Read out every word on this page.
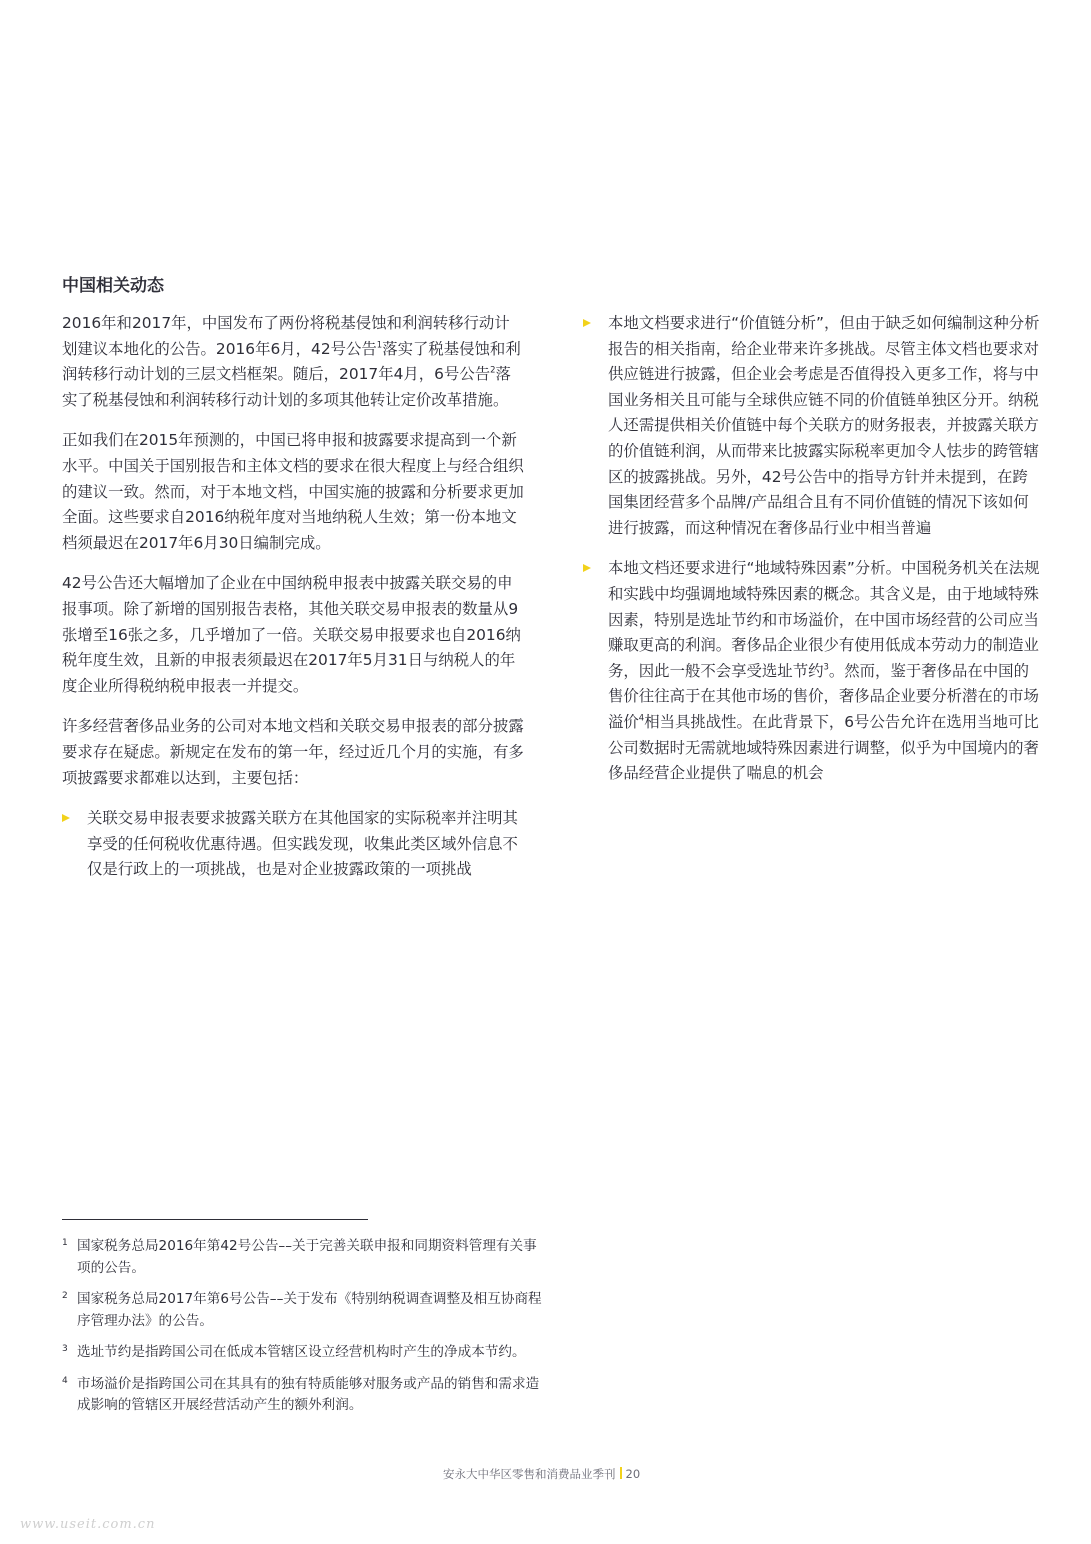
中国相关动态

2016年和2017年，中国发布了两份将税基侵蚀和利润转移行动计划建议本地化的公告。2016年6月，42号公告$^1$落实了税基侵蚀和利润转移行动计划的三层文档框架。随后，2017年4月，6号公告$^2$落实了税基侵蚀和利润转移行动计划的多项其他转让定价改革措施。

正如我们在2015年预测的，中国已将申报和披露要求提高到一个新水平。中国关于国别报告和主体文档的要求在很大程度上与经合组织的建议一致。然而，对于本地文档，中国实施的披露和分析要求更加全面。这些要求自2016纳税年度对当地纳税人生效；第一份本地文档须最迟在2017年6月30日编制完成。

42号公告还大幅增加了企业在中国纳税申报表中披露关联交易的申报事项。除了新增的国别报告表格，其他关联交易申报表的数量从9张增至16张之多，几乎增加了一倍。关联交易申报要求也自2016纳税年度生效，且新的申报表须最迟在2017年5月31日与纳税人的年度企业所得税纳税申报表一并提交。

许多经营奢侈品业务的公司对本地文档和关联交易申报表的部分披露要求存在疑虑。新规定在发布的第一年，经过近几个月的实施，有多项披露要求都难以达到，主要包括：

关联交易申报表要求披露关联方在其他国家的实际税率并注明其享受的任何税收优惠待遇。但实践发现，收集此类区域外信息不仅是行政上的一项挑战，也是对企业披露政策的一项挑战
本地文档要求进行“价值链分析”，但由于缺乏如何编制这种分析报告的相关指南，给企业带来许多挑战。尽管主体文档也要求对供应链进行披露，但企业会考虑是否值得投入更多工作，将与中国业务相关且可能与全球供应链不同的价值链单独区分开。纳税人还需提供相关价值链中每个关联方的财务报表，并披露关联方的价值链利润，从而带来比披露实际税率更加令人怯步的跨管辖区的披露挑战。另外，42号公告中的指导方针并未提到，在跨国集团经营多个品牌/产品组合且有不同价值链的情况下该如何进行披露，而这种情况在奢侈品行业中相当普遍
本地文档还要求进行“地域特殊因素”分析。中国税务机关在法规和实践中均强调地域特殊因素的概念。其含义是，由于地域特殊因素，特别是选址节约和市场溢价，在中国市场经营的公司应当赚取更高的利润。奢侈品企业很少有使用低成本劳动力的制造业务，因此一般不会享受选址节约$^3$。然而，鉴于奢侈品在中国的售价往往高于在其他市场的售价，奢侈品企业要分析潜在的市场溢价$^4$相当具挑战性。在此背景下，6号公告允许在选用当地可比公司数据时无需就地域特殊因素进行调整，似乎为中国境内的奢侈品经营企业提供了喘息的机会
1 国家税务总局2016年第42号公告––关于完善关联申报和同期资料管理有关事项的公告。
2 国家税务总局2017年第6号公告––关于发布《特别纳税调查调整及相互协商程序管理办法》的公告。
3 选址节约是指跨国公司在低成本管辖区设立经营机构时产生的净成本节约。
4 市场溢价是指跨国公司在其具有的独有特质能够对服务或产品的销售和需求造成影响的管辖区开展经营活动产生的额外利润。
安永大中华区零售和消费品业季刊 20
www.useit.com.cn
